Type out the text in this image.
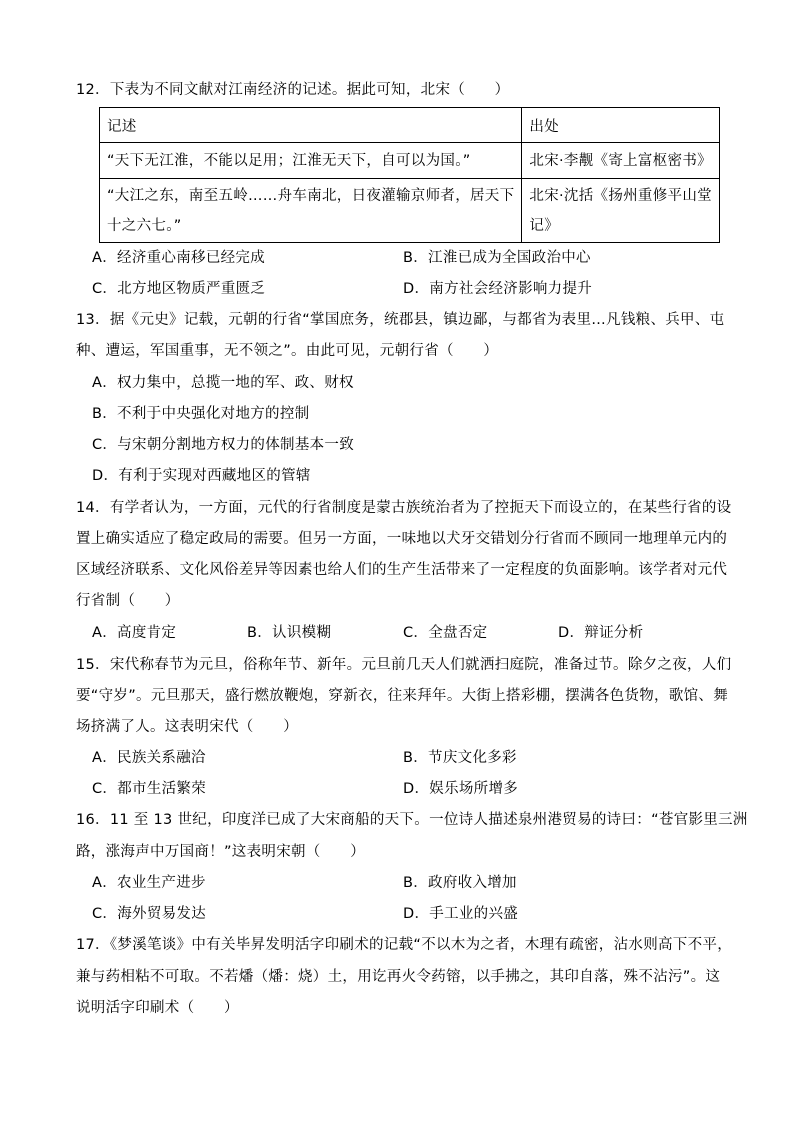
12．下表为不同文献对江南经济的记述。据此可知，北宋（　　）
记述	出处

“天下无江淮，不能以足用；江淮无天下，自可以为国。”	北宋·李觏《寄上富枢密书》

“大江之东，南至五岭……舟车南北，日夜灌输京师者，居天下
十之六七。”	北宋·沈括《扬州重修平山堂
记》
A．经济重心南移已经完成	B．江淮已成为全国政治中心
C．北方地区物质严重匮乏	D．南方社会经济影响力提升
13．据《元史》记载，元朝的行省“掌国庶务，统郡县，镇边鄙，与都省为表里…凡钱粮、兵甲、屯
种、遭运，军国重事，无不领之”。由此可见，元朝行省（　　）
A．权力集中，总揽一地的军、政、财权
B．不利于中央强化对地方的控制
C．与宋朝分割地方权力的体制基本一致
D．有利于实现对西藏地区的管辖
14．有学者认为，一方面，元代的行省制度是蒙古族统治者为了控扼天下而设立的，在某些行省的设
置上确实适应了稳定政局的需要。但另一方面，一味地以犬牙交错划分行省而不顾同一地理单元内的
区域经济联系、文化风俗差异等因素也给人们的生产生活带来了一定程度的负面影响。该学者对元代
行省制（　　）
A．高度肯定	B．认识模糊	C．全盘否定	D．辩证分析
15．宋代称春节为元旦，俗称年节、新年。元旦前几天人们就洒扫庭院，准备过节。除夕之夜，人们
要“守岁”。元旦那天，盛行燃放鞭炮，穿新衣，往来拜年。大街上搭彩棚，摆满各色货物，歌馆、舞
场挤满了人。这表明宋代（　　）
A．民族关系融洽	B．节庆文化多彩
C．都市生活繁荣	D．娱乐场所增多
16．11 至 13 世纪，印度洋已成了大宋商船的天下。一位诗人描述泉州港贸易的诗曰：“苍官影里三洲
路，涨海声中万国商！”这表明宋朝（　　）
A．农业生产进步	B．政府收入增加
C．海外贸易发达	D．手工业的兴盛
17．《梦溪笔谈》中有关毕昇发明活字印刷术的记载“不以木为之者，木理有疏密，沾水则高下不平，
兼与药相粘不可取。不若燔（燔：烧）土，用讫再火令药镕，以手拂之，其印自落，殊不沾污”。这
说明活字印刷术（　　）
